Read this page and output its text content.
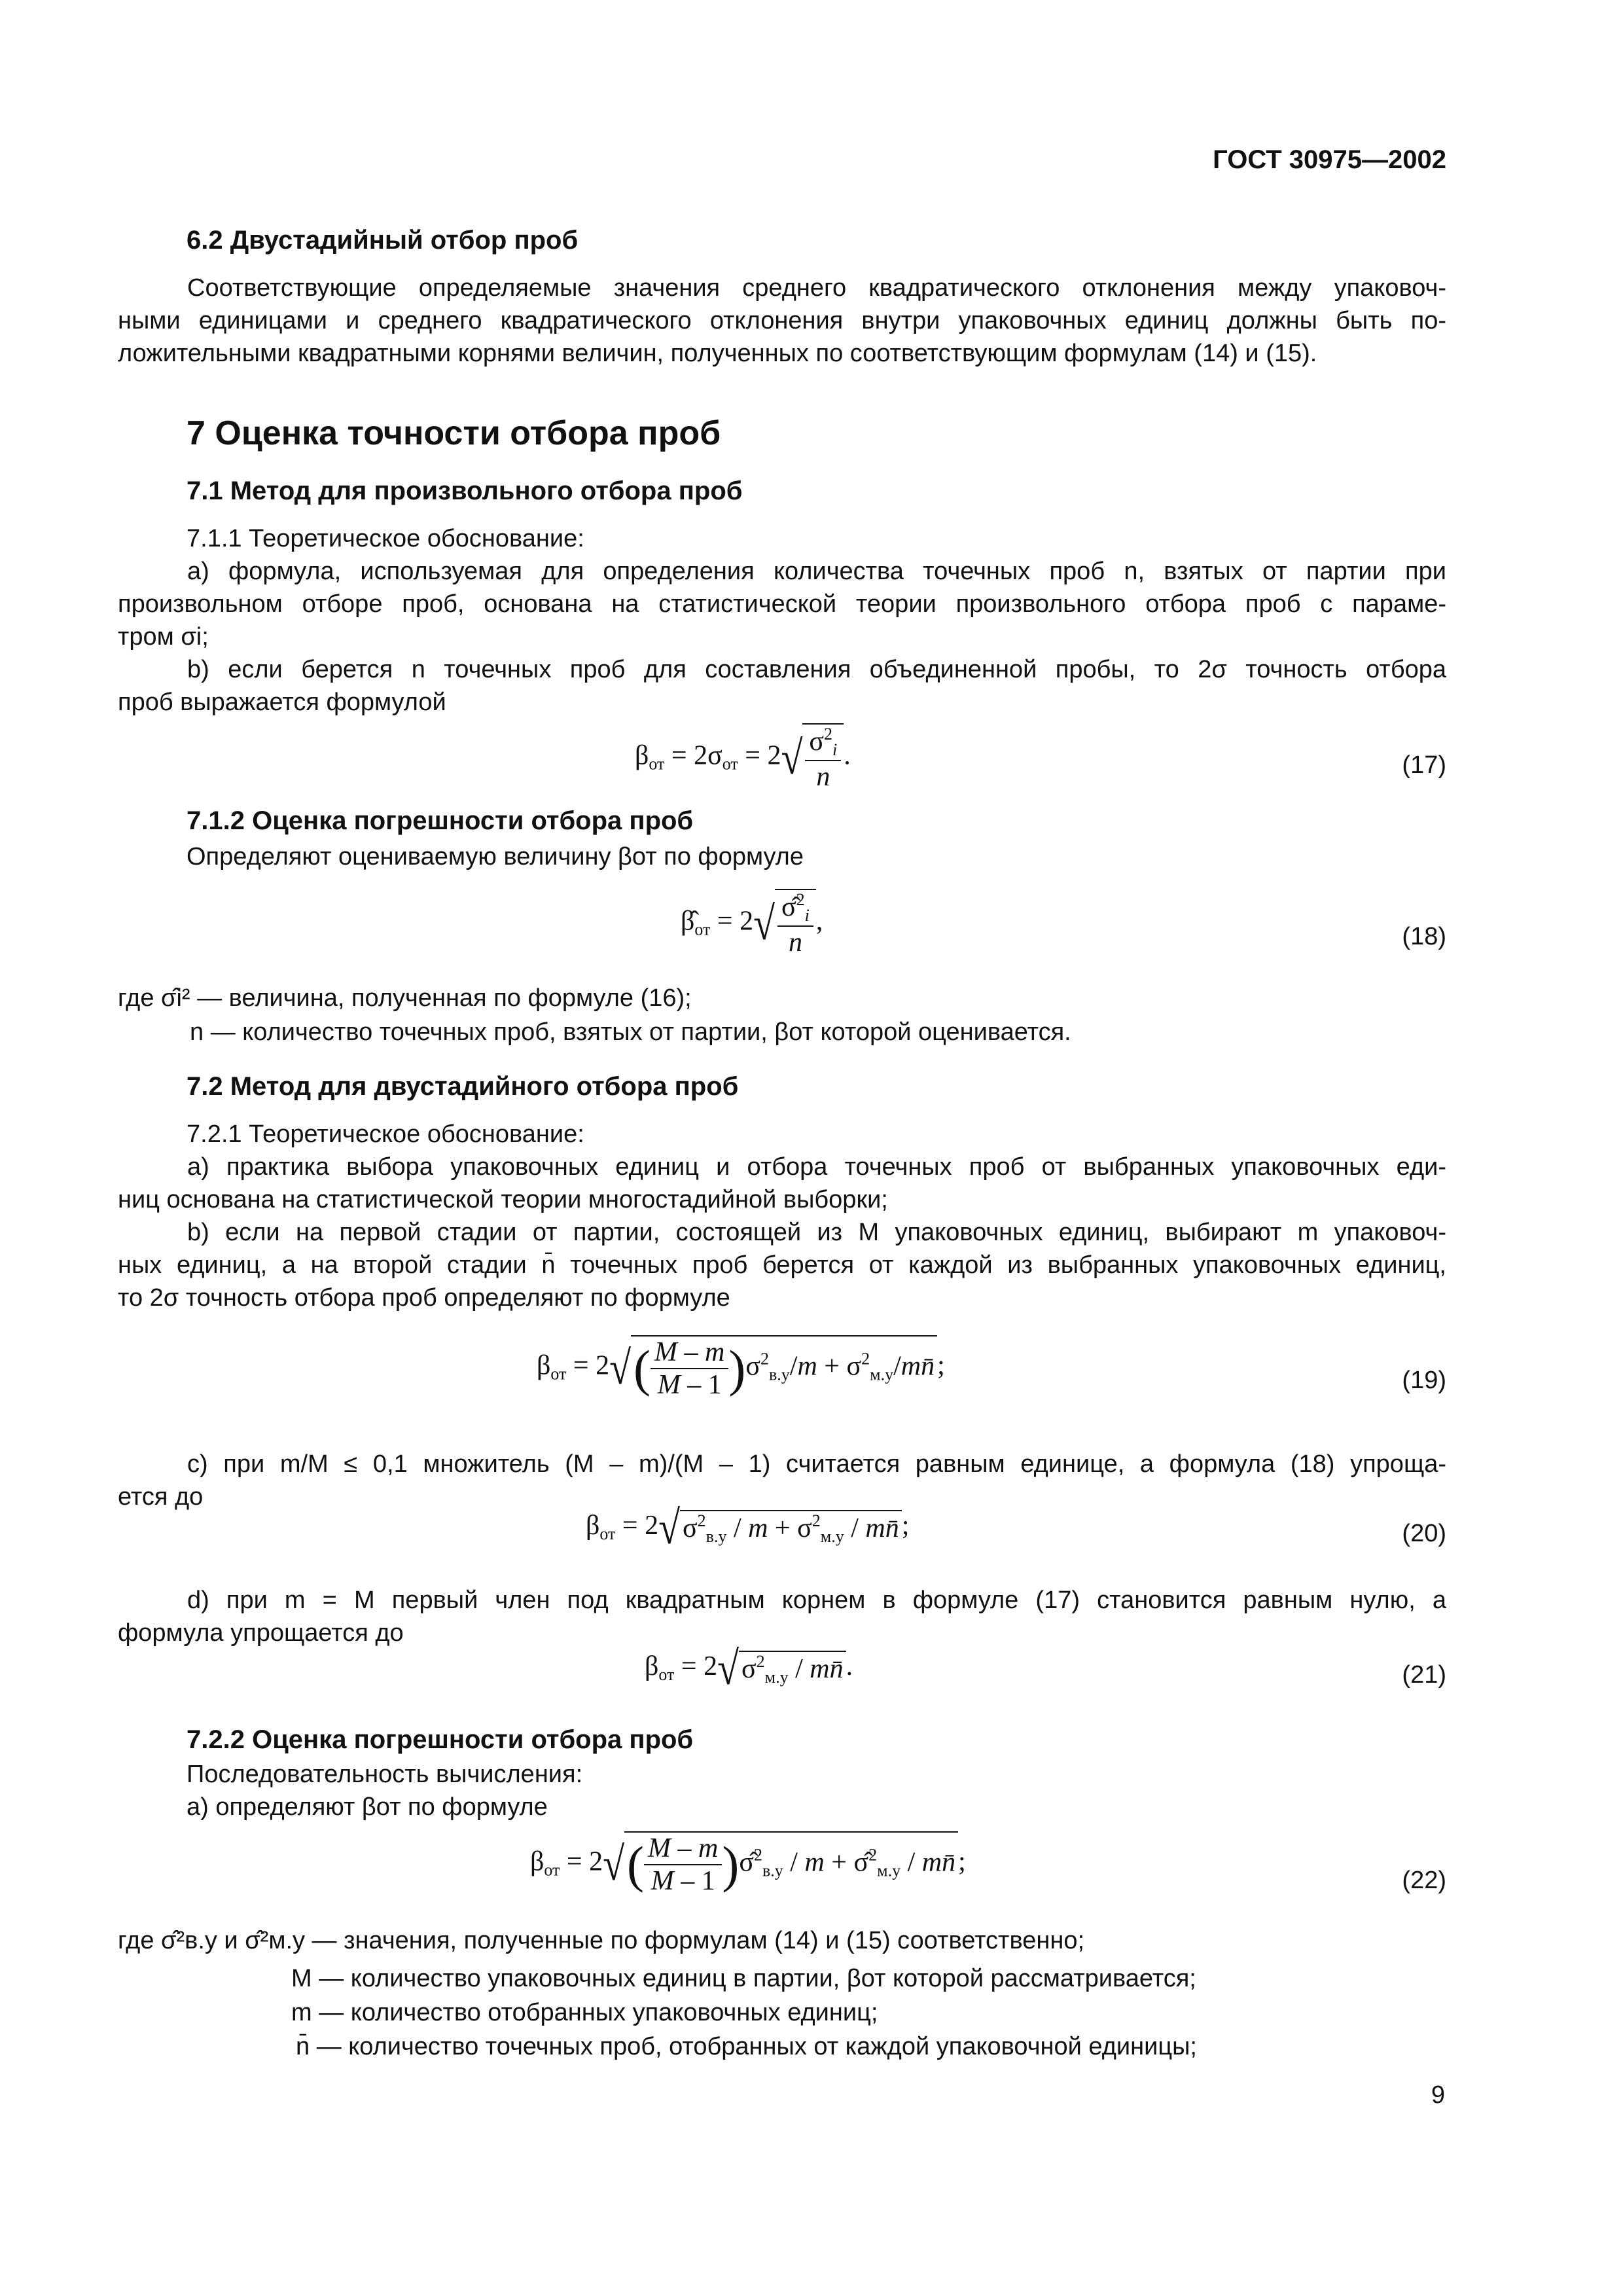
ГОСТ 30975—2002
6.2 Двустадийный отбор проб
Соответствующие определяемые значения среднего квадратического отклонения между упаковоч-
ными единицами и среднего квадратического отклонения внутри упаковочных единиц должны быть по-
ложительными квадратными корнями величин, полученных по соответствующим формулам (14) и (15).
7 Оценка точности отбора проб
7.1 Метод для произвольного отбора проб
7.1.1 Теоретическое обоснование:
а) формула, используемая для определения количества точечных проб n, взятых от партии при
произвольном отборе проб, основана на статистической теории произвольного отбора проб с параме-
тром σi;
b) если берется n точечных проб для составления объединенной пробы, то 2σ точность отбора
проб выражается формулой
$\beta_{от} = 2\sigma_{от} = 2√ \frac{\sigma^2_i}{n}$ .	(17)
7.1.2 Оценка погрешности отбора проб
Определяют оцениваемую величину βот по формуле
$\betâ_{от} = 2√ \frac{\sigmâ^2_i}{n}$ ,
(18)
где σ̂i² — величина, полученная по формуле (16);
n — количество точечных проб, взятых от партии, βот которой оценивается.
7.2 Метод для двустадийного отбора проб
7.2.1 Теоретическое обоснование:
а) практика выбора упаковочных единиц и отбора точечных проб от выбранных упаковочных еди-
ниц основана на статистической теории многостадийной выборки;
b) если на первой стадии от партии, состоящей из M упаковочных единиц, выбирают m упаковоч-
ных единиц, а на второй стадии n̄ точечных проб берется от каждой из выбранных упаковочных единиц,
то 2σ точность отбора проб определяют по формуле
$\beta_{от} = 2√( \frac{M - m}{M - 1} )\sigma^2_{в.у}/m$ + $\sigma^2_{м.у}/mn̄$;	(19)
с) при m/M ≤ 0,1 множитель (M – m)/(M – 1) считается равным единице, а формула (18) упроща-
ется до
$\beta_{от} = 2√\sigma^2_{в.у} / m + \sigma^2_{м.у}$ / mn̄;	(20)
d) при m = M первый член под квадратным корнем в формуле (17) становится равным нулю, а
формула упрощается до
$\beta_{от} = 2√\sigma^2_{м.у}$ / mn̄.	(21)
7.2.2 Оценка погрешности отбора проб
Последовательность вычисления:
а) определяют βот по формуле
$\beta_{от} = 2√( \frac{M - m}{M - 1}$ )σ̂$^2_{в.у}$ / m + σ̂$^2_{м.у}$ / mn̄;
(22)
где σ̂²в.у и σ̂²м.у — значения, полученные по формулам (14) и (15) соответственно;
M — количество упаковочных единиц в партии, βот которой рассматривается;
m — количество отобранных упаковочных единиц;
n̄ — количество точечных проб, отобранных от каждой упаковочной единицы;
9
